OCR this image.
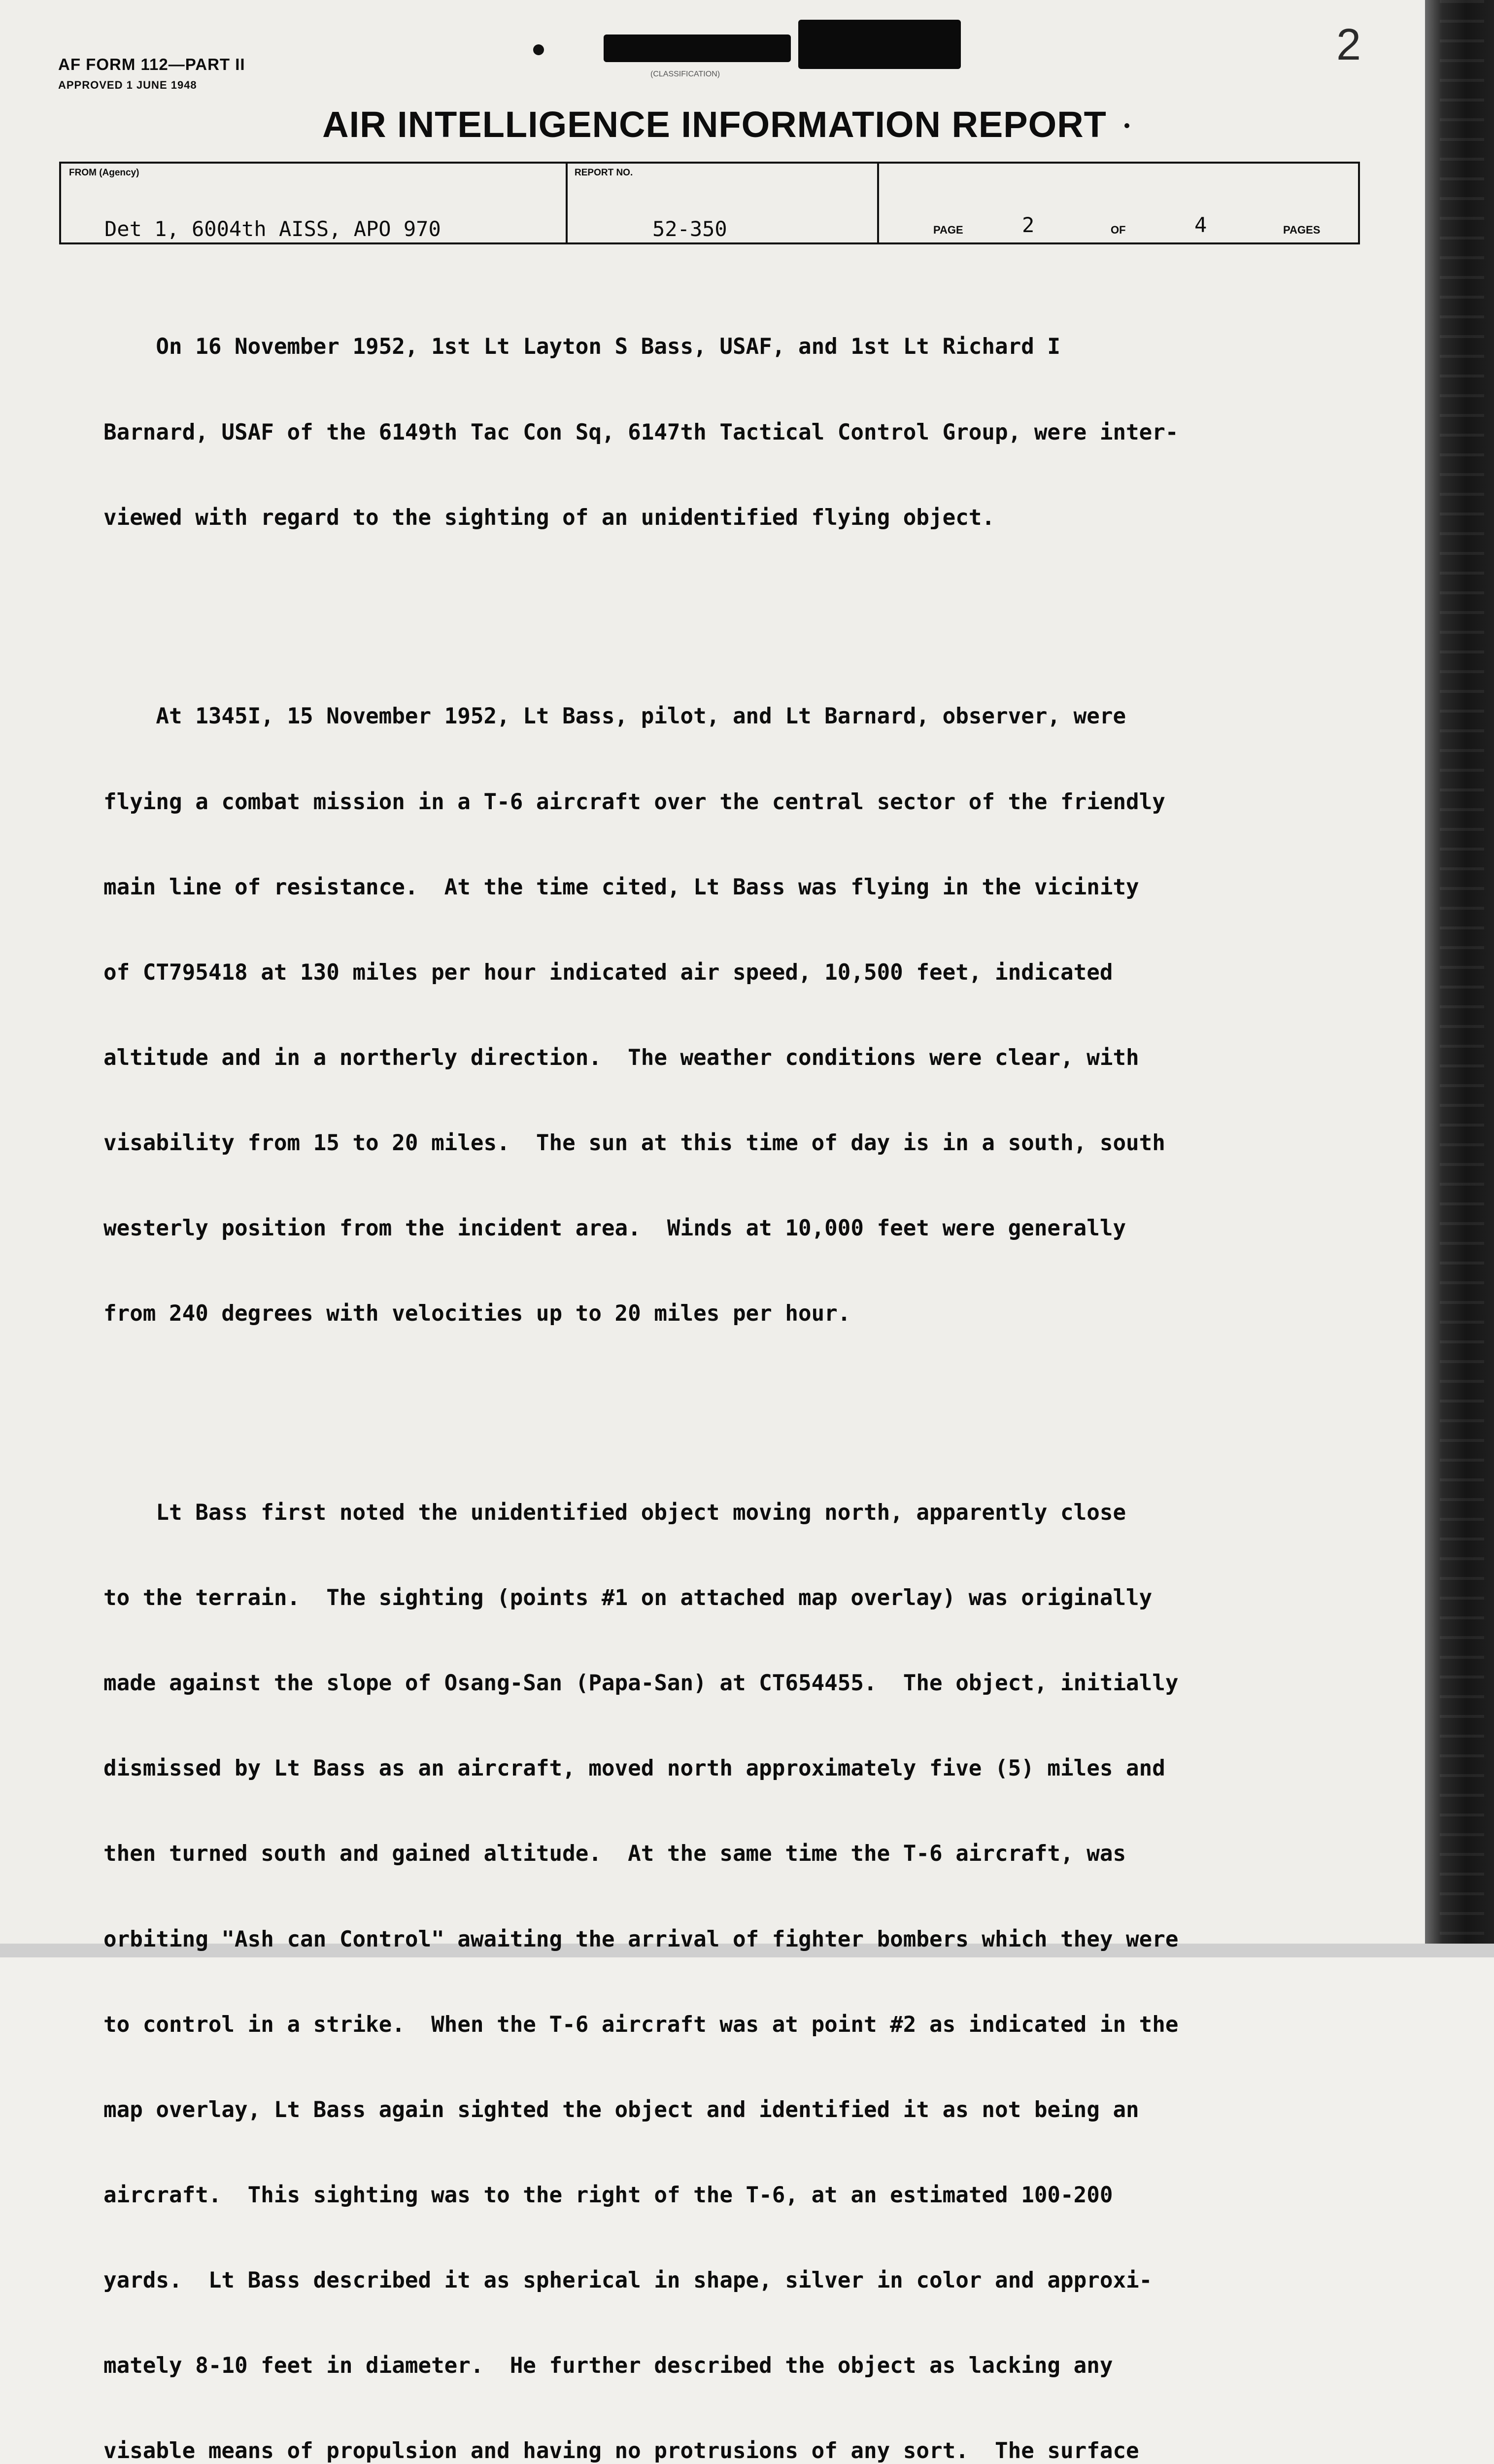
AF FORM 112—PART II
APPROVED 1 JUNE 1948
(CLASSIFICATION)
2
AIR INTELLIGENCE INFORMATION REPORT
FROM (Agency)
Det 1, 6004th AISS, APO 970
REPORT NO.
52-350	PAGE	2	OF	4	PAGES

On 16 November 1952, 1st Lt Layton S Bass, USAF, and 1st Lt Richard I

Barnard, USAF of the 6149th Tac Con Sq, 6147th Tactical Control Group, were inter-

viewed with regard to the sighting of an unidentified flying object.

At 1345I, 15 November 1952, Lt Bass, pilot, and Lt Barnard, observer, were

flying a combat mission in a T-6 aircraft over the central sector of the friendly

main line of resistance.  At the time cited, Lt Bass was flying in the vicinity

of CT795418 at 130 miles per hour indicated air speed, 10,500 feet, indicated

altitude and in a northerly direction.  The weather conditions were clear, with

visability from 15 to 20 miles.  The sun at this time of day is in a south, south

westerly position from the incident area.  Winds at 10,000 feet were generally

from 240 degrees with velocities up to 20 miles per hour.

Lt Bass first noted the unidentified object moving north, apparently close

to the terrain.  The sighting (points #1 on attached map overlay) was originally

made against the slope of Osang-San (Papa-San) at CT654455.  The object, initially

dismissed by Lt Bass as an aircraft, moved north approximately five (5) miles and

then turned south and gained altitude.  At the same time the T-6 aircraft, was

orbiting "Ash can Control" awaiting the arrival of fighter bombers which they were

to control in a strike.  When the T-6 aircraft was at point #2 as indicated in the

map overlay, Lt Bass again sighted the object and identified it as not being an

aircraft.  This sighting was to the right of the T-6, at an estimated 100-200

yards.  Lt Bass described it as spherical in shape, silver in color and approxi-

mately 8-10 feet in diameter.  He further described the object as lacking any

visable means of propulsion and having no protrusions of any sort.  The surface
